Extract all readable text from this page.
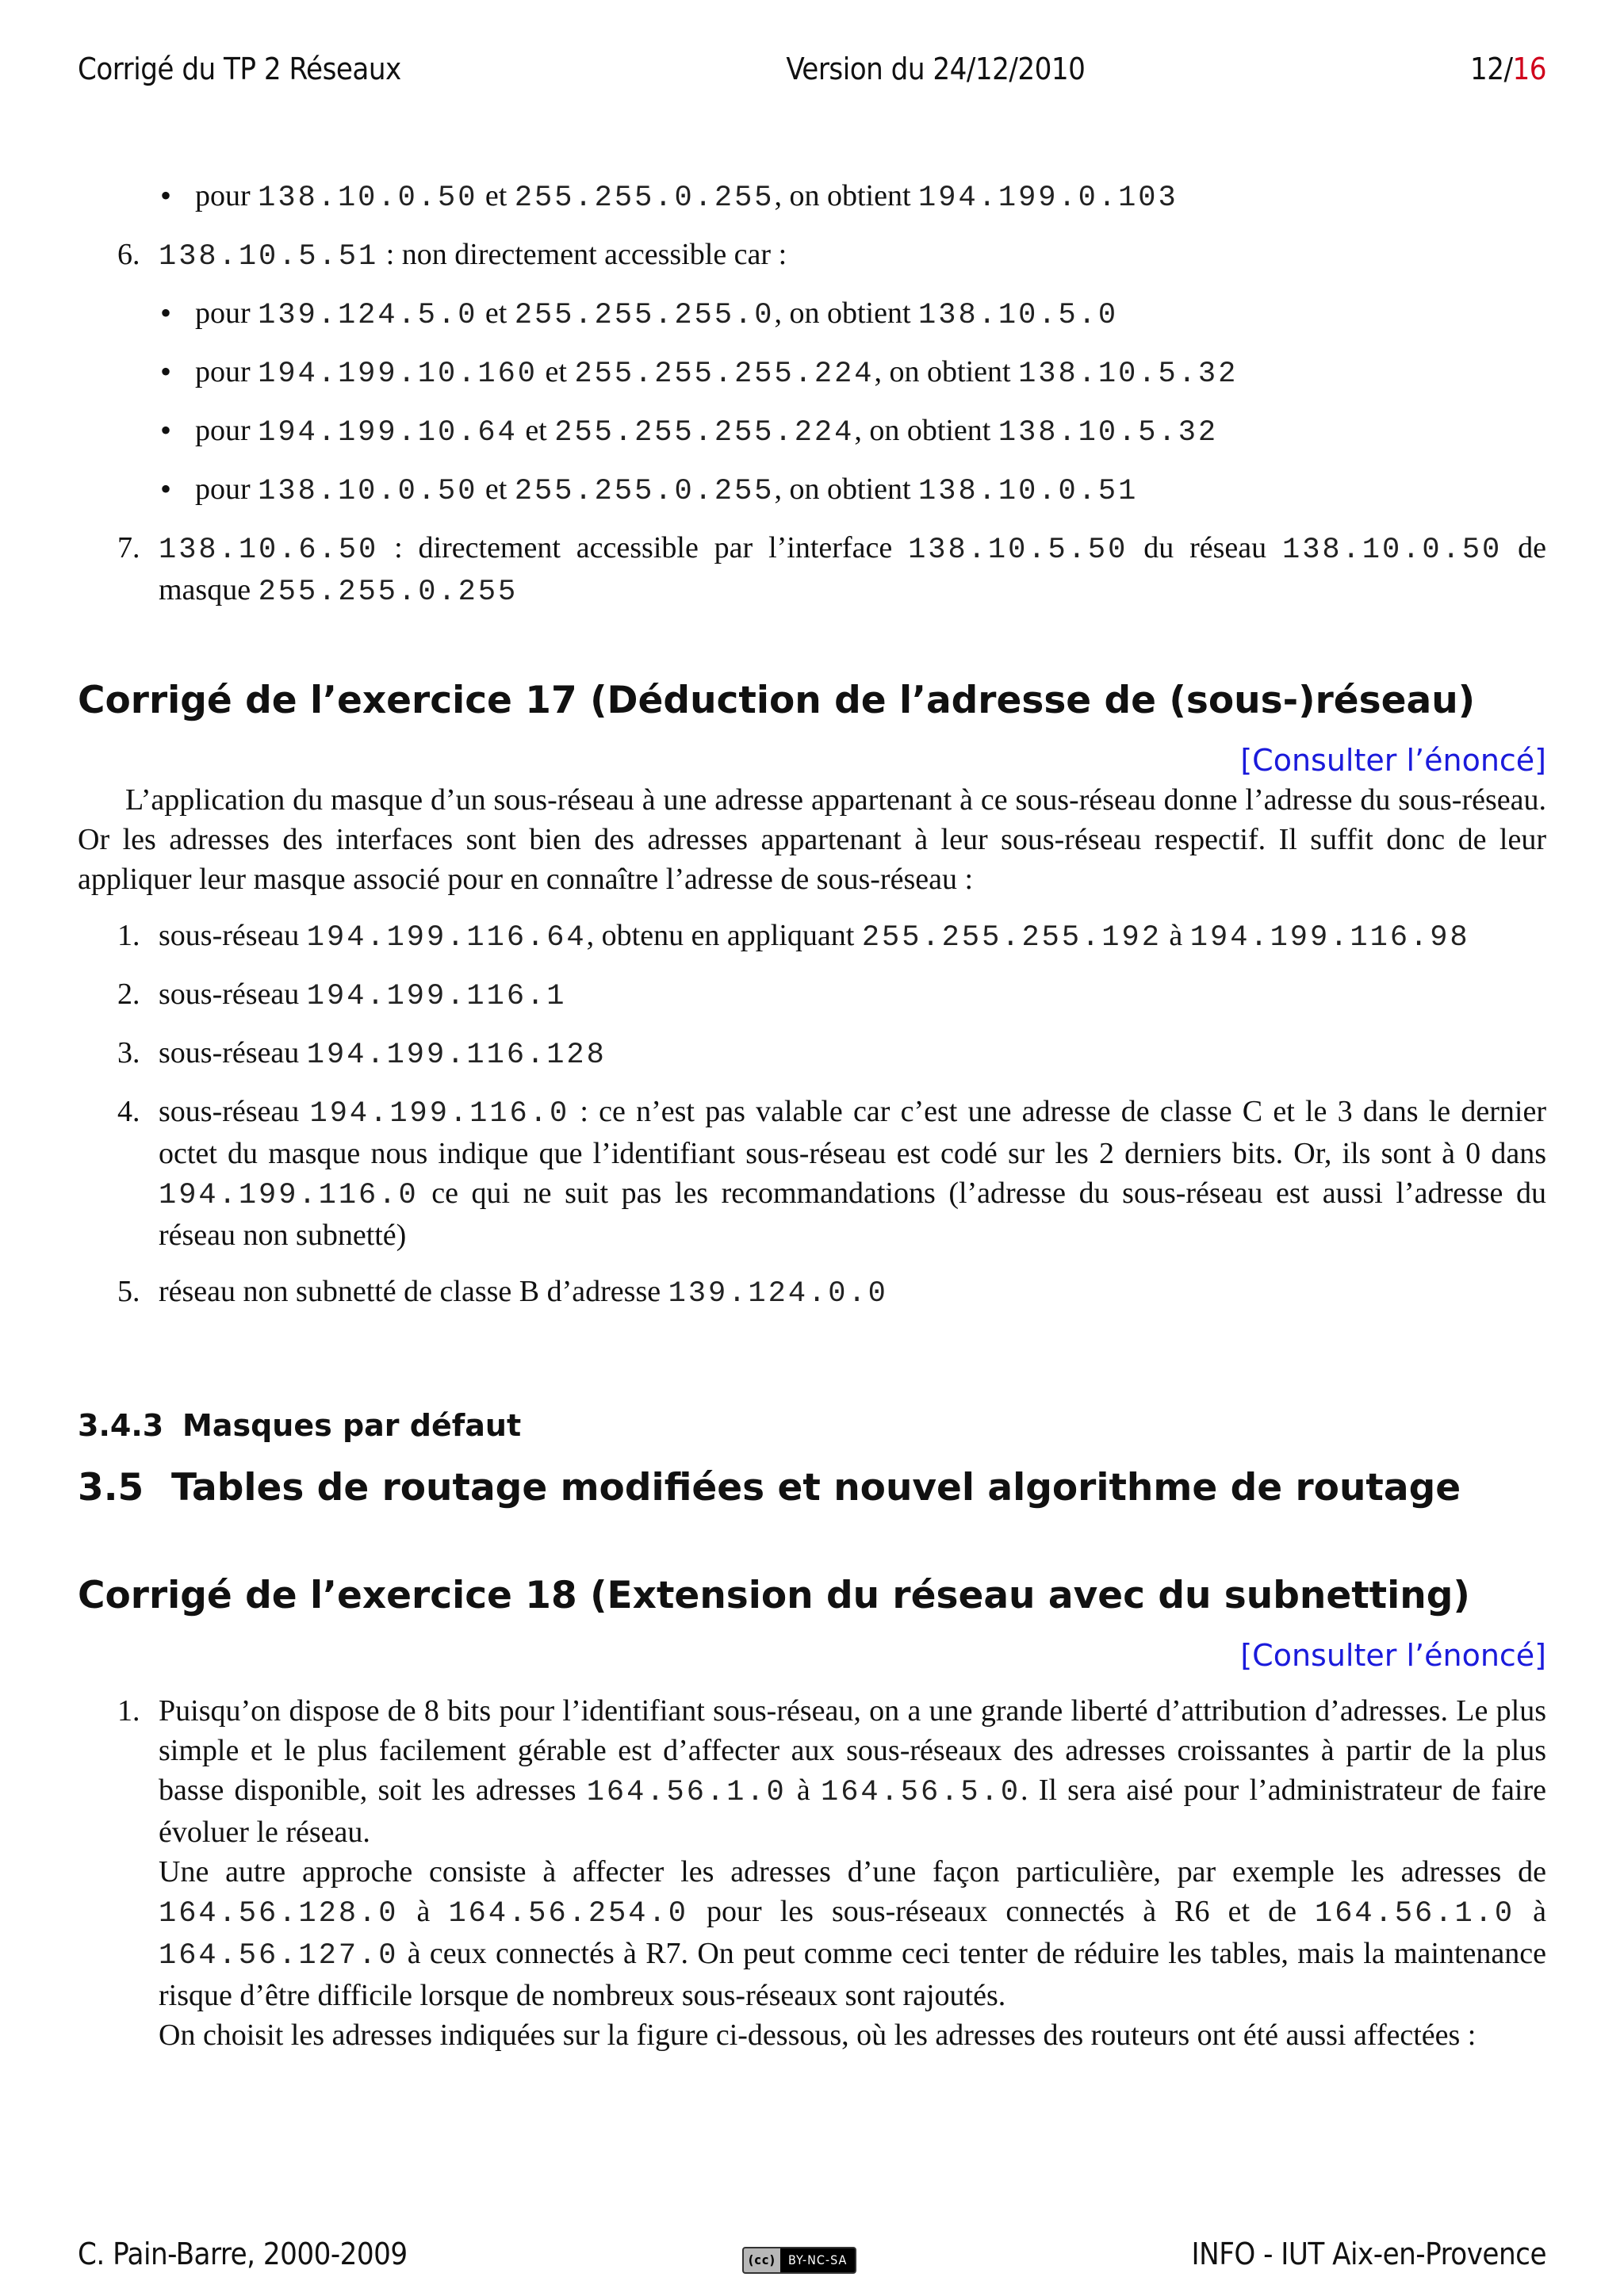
Corrigé du TP 2 Réseaux	Version du 24/12/2010	12/16
• pour 138.10.0.50 et 255.255.0.255, on obtient 194.199.0.103
6. 138.10.5.51 : non directement accessible car :
• pour 139.124.5.0 et 255.255.255.0, on obtient 138.10.5.0
• pour 194.199.10.160 et 255.255.255.224, on obtient 138.10.5.32
• pour 194.199.10.64 et 255.255.255.224, on obtient 138.10.5.32
• pour 138.10.0.50 et 255.255.0.255, on obtient 138.10.0.51
7. 138.10.6.50 : directement accessible par l’interface 138.10.5.50 du réseau 138.10.0.50 de masque 255.255.0.255
Corrigé de l’exercice 17 (Déduction de l’adresse de (sous-)réseau)
[Consulter l’énoncé]

L’application du masque d’un sous-réseau à une adresse appartenant à ce sous-réseau donne l’adresse du sous-réseau. Or les adresses des interfaces sont bien des adresses appartenant à leur sous-réseau respectif. Il suffit donc de leur appliquer leur masque associé pour en connaître l’adresse de sous-réseau :

1. sous-réseau 194.199.116.64, obtenu en appliquant 255.255.255.192 à 194.199.116.98
2. sous-réseau 194.199.116.1
3. sous-réseau 194.199.116.128
4. sous-réseau 194.199.116.0 : ce n’est pas valable car c’est une adresse de classe C et le 3 dans le dernier octet du masque nous indique que l’identifiant sous-réseau est codé sur les 2 derniers bits. Or, ils sont à 0 dans 194.199.116.0 ce qui ne suit pas les recommandations (l’adresse du sous-réseau est aussi l’adresse du réseau non subnetté)
5. réseau non subnetté de classe B d’adresse 139.124.0.0
3.4.3 Masques par défaut
3.5 Tables de routage modifiées et nouvel algorithme de routage
Corrigé de l’exercice 18 (Extension du réseau avec du subnetting)
[Consulter l’énoncé]
1. Puisqu’on dispose de 8 bits pour l’identifiant sous-réseau, on a une grande liberté d’attribution d’adresses. Le plus simple et le plus facilement gérable est d’affecter aux sous-réseaux des adresses croissantes à partir de la plus basse disponible, soit les adresses 164.56.1.0 à 164.56.5.0. Il sera aisé pour l’administrateur de faire évoluer le réseau.
Une autre approche consiste à affecter les adresses d’une façon particulière, par exemple les adresses de 164.56.128.0 à 164.56.254.0 pour les sous-réseaux connectés à R6 et de 164.56.1.0 à 164.56.127.0 à ceux connectés à R7. On peut comme ceci tenter de réduire les tables, mais la maintenance risque d’être difficile lorsque de nombreux sous-réseaux sont rajoutés.
On choisit les adresses indiquées sur la figure ci-dessous, où les adresses des routeurs ont été aussi affectées :
C. Pain-Barre, 2000-2009	(cc)	BY-NC-SA	INFO - IUT Aix-en-Provence
